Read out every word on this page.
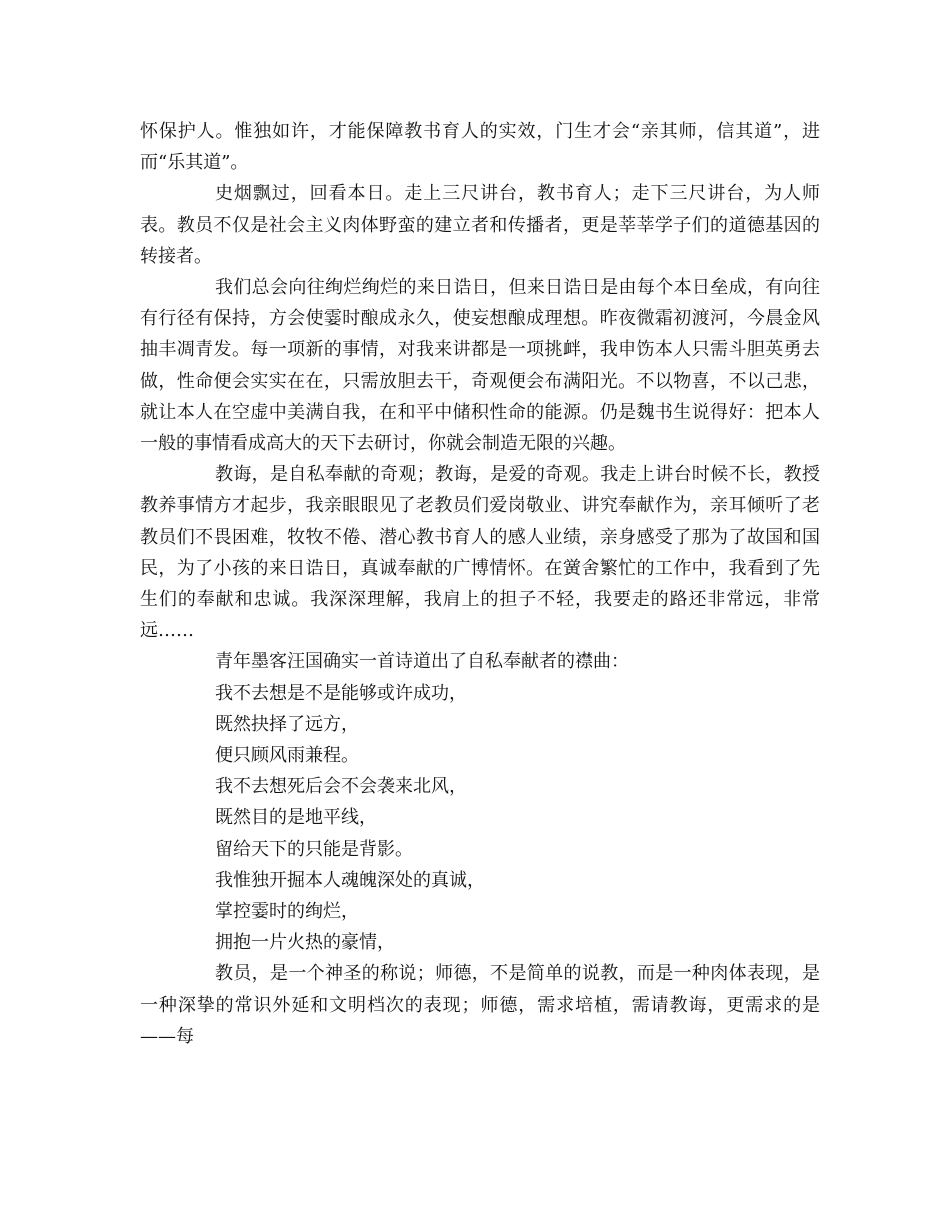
怀保护人。惟独如许，才能保障教书育人的实效，门生才会“亲其师，信其道”，进而“乐其道”。

史烟飘过，回看本日。走上三尺讲台，教书育人；走下三尺讲台，为人师表。教员不仅是社会主义肉体野蛮的建立者和传播者，更是莘莘学子们的道德基因的转接者。

我们总会向往绚烂绚烂的来日诰日，但来日诰日是由每个本日垒成，有向往有行径有保持，方会使霎时酿成永久，使妄想酿成理想。昨夜微霜初渡河，今晨金风抽丰凋青发。每一项新的事情，对我来讲都是一项挑衅，我申饬本人只需斗胆英勇去做，性命便会实实在在，只需放胆去干，奇观便会布满阳光。不以物喜，不以己悲，就让本人在空虚中美满自我，在和平中储积性命的能源。仍是魏书生说得好：把本人一般的事情看成高大的天下去研讨，你就会制造无限的兴趣。

教诲，是自私奉献的奇观；教诲，是爱的奇观。我走上讲台时候不长，教授教养事情方才起步，我亲眼眼见了老教员们爱岗敬业、讲究奉献作为，亲耳倾听了老教员们不畏困难，牧牧不倦、潜心教书育人的感人业绩，亲身感受了那为了故国和国民，为了小孩的来日诰日，真诚奉献的广博情怀。在黉舍繁忙的工作中，我看到了先生们的奉献和忠诚。我深深理解，我肩上的担子不轻，我要走的路还非常远，非常远……

青年墨客汪国确实一首诗道出了自私奉献者的襟曲：

我不去想是不是能够或许成功，

既然抉择了远方，

便只顾风雨兼程。

我不去想死后会不会袭来北风，

既然目的是地平线，

留给天下的只能是背影。

我惟独开掘本人魂魄深处的真诚，

掌控霎时的绚烂，

拥抱一片火热的豪情，

教员，是一个神圣的称说；师德，不是简单的说教，而是一种肉体表现，是一种深挚的常识外延和文明档次的表现；师德，需求培植，需请教诲，更需求的是——每
